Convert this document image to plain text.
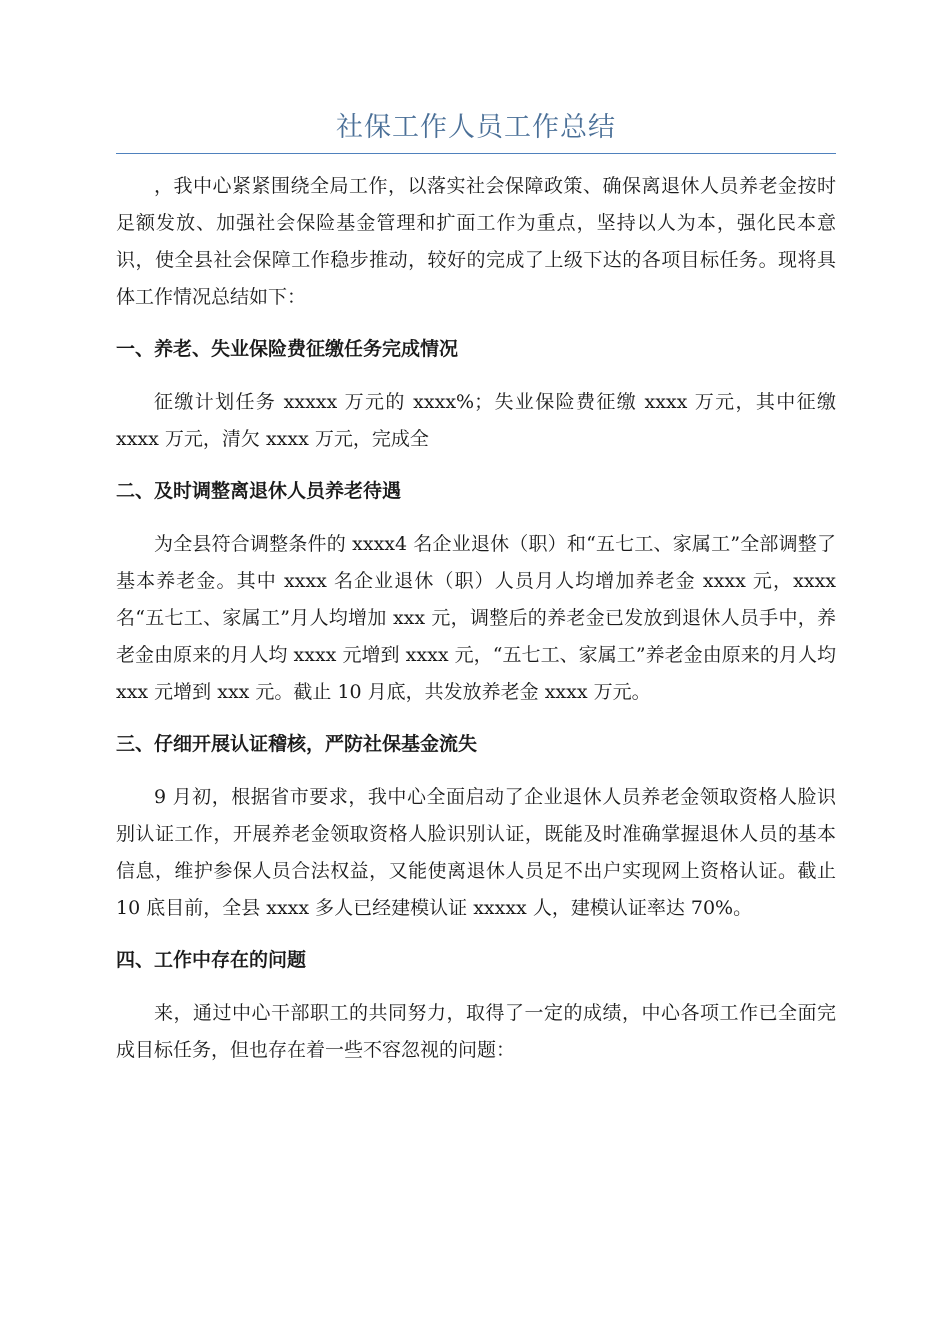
社保工作人员工作总结

，我中心紧紧围绕全局工作，以落实社会保障政策、确保离退休人员养老金按时足额发放、加强社会保险基金管理和扩面工作为重点，坚持以人为本，强化民本意识，使全县社会保障工作稳步推动，较好的完成了上级下达的各项目标任务。现将具体工作情况总结如下：

一、养老、失业保险费征缴任务完成情况

征缴计划任务 xxxxx 万元的 xxxx%；失业保险费征缴 xxxx 万元，其中征缴 xxxx 万元，清欠 xxxx 万元，完成全

二、及时调整离退休人员养老待遇

为全县符合调整条件的 xxxx4 名企业退休（职）和“五七工、家属工”全部调整了基本养老金。其中 xxxx 名企业退休（职）人员月人均增加养老金 xxxx 元，xxxx 名“五七工、家属工”月人均增加 xxx 元，调整后的养老金已发放到退休人员手中，养老金由原来的月人均 xxxx 元增到 xxxx 元，“五七工、家属工”养老金由原来的月人均 xxx 元增到 xxx 元。截止 10 月底，共发放养老金 xxxx 万元。

三、仔细开展认证稽核，严防社保基金流失

9 月初，根据省市要求，我中心全面启动了企业退休人员养老金领取资格人脸识别认证工作，开展养老金领取资格人脸识别认证，既能及时准确掌握退休人员的基本信息，维护参保人员合法权益，又能使离退休人员足不出户实现网上资格认证。截止 10 底目前，全县 xxxx 多人已经建模认证 xxxxx 人，建模认证率达 70%。

四、工作中存在的问题

来，通过中心干部职工的共同努力，取得了一定的成绩，中心各项工作已全面完成目标任务，但也存在着一些不容忽视的问题：
